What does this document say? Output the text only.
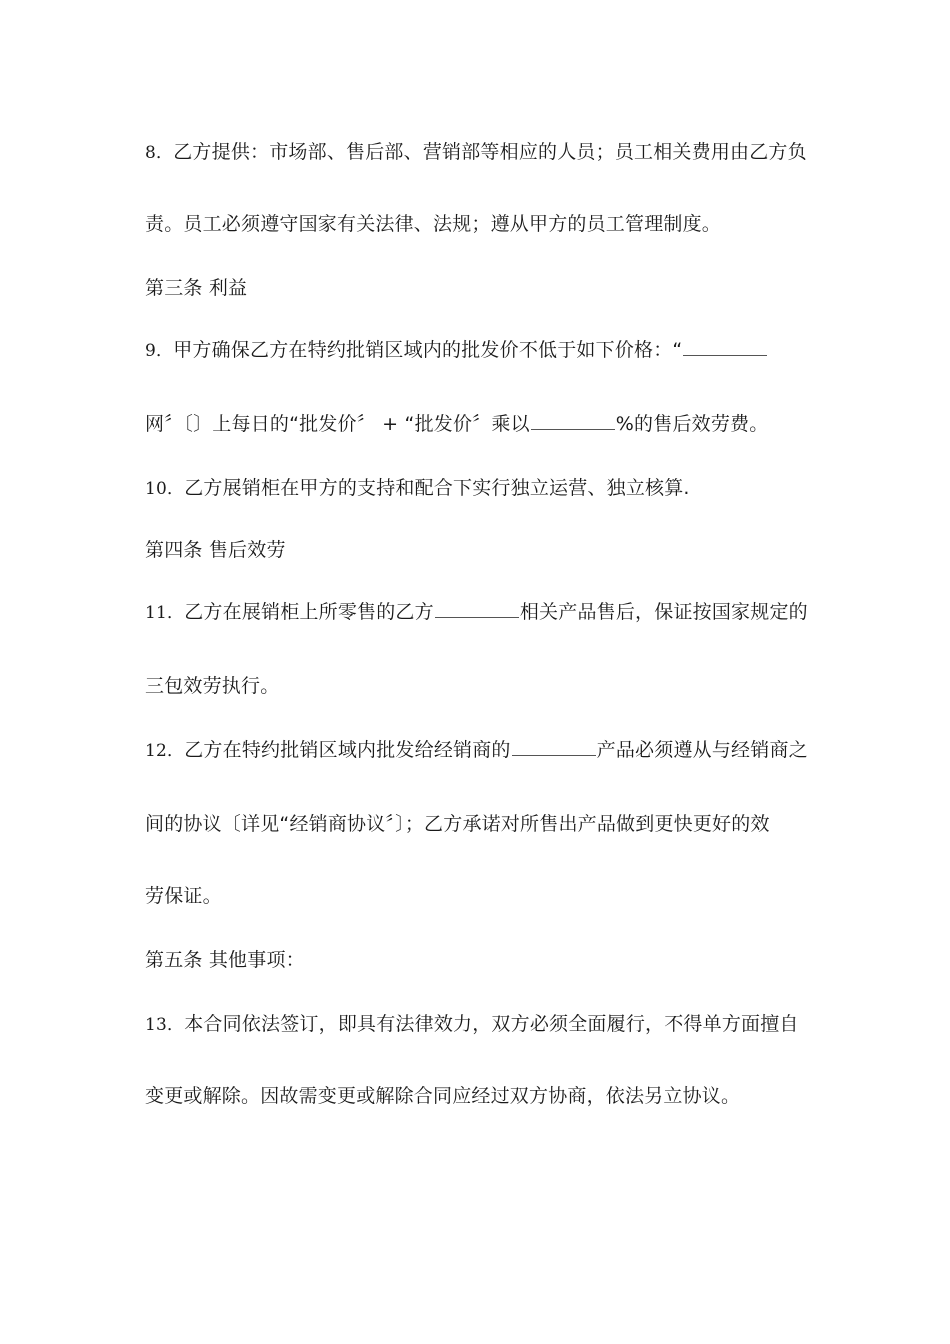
8．乙方提供：市场部、售后部、营销部等相应的人员；员工相关费用由乙方负
责。员工必须遵守国家有关法律、法规；遵从甲方的员工管理制度。
第三条 利益
9．甲方确保乙方在特约批销区域内的批发价不低于如下价格：“
网〞〔〕上每日的“批发价〞 + “批发价〞乘以	%的售后效劳费。
10．乙方展销柜在甲方的支持和配合下实行独立运营、独立核算.
第四条 售后效劳
11．乙方在展销柜上所零售的乙方	相关产品售后，保证按国家规定的
三包效劳执行。
12．乙方在特约批销区域内批发给经销商的	产品必须遵从与经销商之
间的协议〔详见“经销商协议〞〕；乙方承诺对所售出产品做到更快更好的效
劳保证。
第五条 其他事项：
13．本合同依法签订，即具有法律效力，双方必须全面履行，不得单方面擅自
变更或解除。因故需变更或解除合同应经过双方协商，依法另立协议。
